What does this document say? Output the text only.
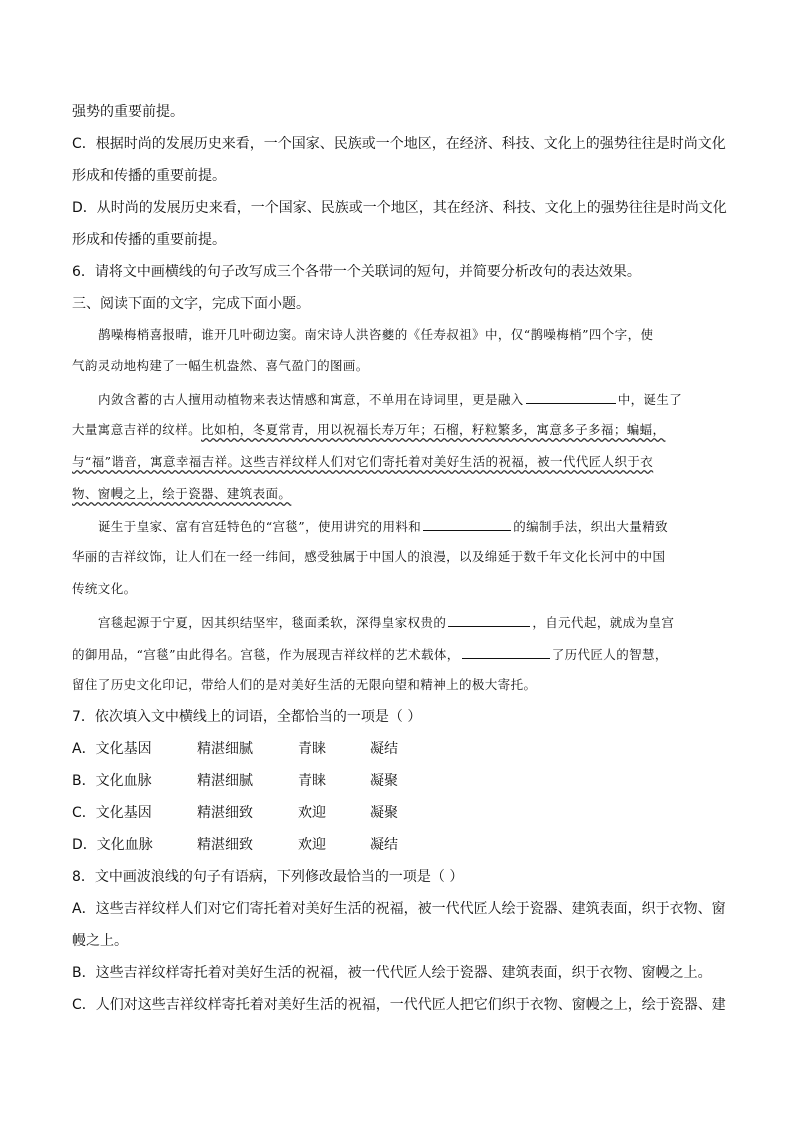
强势的重要前提。
C．根据时尚的发展历史来看，一个国家、民族或一个地区，在经济、科技、文化上的强势往往是时尚文化
形成和传播的重要前提。
D．从时尚的发展历史来看，一个国家、民族或一个地区，其在经济、科技、文化上的强势往往是时尚文化
形成和传播的重要前提。
6．请将文中画横线的句子改写成三个各带一个关联词的短句，并简要分析改句的表达效果。
三、阅读下面的文字，完成下面小题。
鹊噪梅梢喜报晴，谁开几叶砌边窦。南宋诗人洪咨夔的《任寿叔祖》中，仅“鹊噪梅梢”四个字，使
气韵灵动地构建了一幅生机盎然、喜气盈门的图画。
内敛含蓄的古人擅用动植物来表达情感和寓意，不单用在诗词里，更是融入	中，诞生了
大量寓意吉祥的纹样。比如柏，冬夏常青，用以祝福长寿万年；石榴，籽粒繁多，寓意多子多福；蝙蝠，
与“福”谐音，寓意幸福吉祥。这些吉祥纹样人们对它们寄托着对美好生活的祝福，被一代代匠人织于衣
物、窗幔之上，绘于瓷器、建筑表面。
诞生于皇家、富有宫廷特色的“宫毯”，使用讲究的用料和	的编制手法，织出大量精致
华丽的吉祥纹饰，让人们在一经一纬间，感受独属于中国人的浪漫，以及绵延于数千年文化长河中的中国
传统文化。
宫毯起源于宁夏，因其织结坚牢，毯面柔软，深得皇家权贵的	，自元代起，就成为皇宫
的御用品，“宫毯”由此得名。宫毯，作为展现吉祥纹样的艺术载体，	了历代匠人的智慧，
留住了历史文化印记，带给人们的是对美好生活的无限向望和精神上的极大寄托。
7．依次填入文中横线上的词语，全都恰当的一项是（ ）
A．文化基因	精湛细腻	青睐	凝结
B．文化血脉	精湛细腻	青睐	凝聚
C．文化基因	精湛细致	欢迎	凝聚
D．文化血脉	精湛细致	欢迎	凝结
8．文中画波浪线的句子有语病，下列修改最恰当的一项是（ ）
A．这些吉祥纹样人们对它们寄托着对美好生活的祝福，被一代代匠人绘于瓷器、建筑表面，织于衣物、窗
幔之上。
B．这些吉祥纹样寄托着对美好生活的祝福，被一代代匠人绘于瓷器、建筑表面，织于衣物、窗幔之上。
C．人们对这些吉祥纹样寄托着对美好生活的祝福，一代代匠人把它们织于衣物、窗幔之上，绘于瓷器、建
